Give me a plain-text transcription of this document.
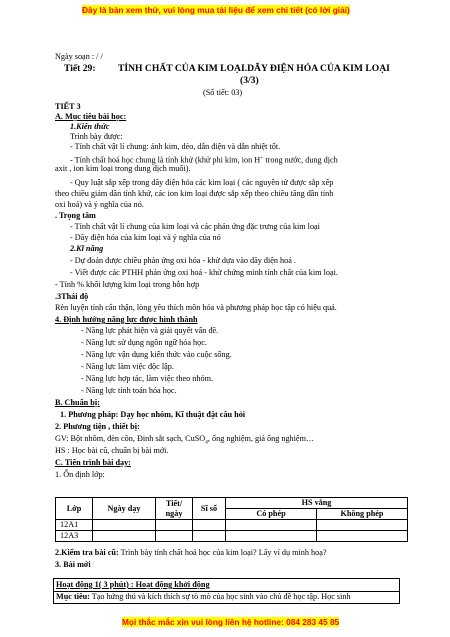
Đây là bản xem thử, vui lòng mua tài liệu để xem chi tiết (có lời giải)
Ngày soạn : / /
Tiết 29: TÍNH CHẤT CỦA KIM LOẠI.DÃY ĐIỆN HÓA CỦA KIM LOẠI
(3/3)
(Số tiết: 03)
TIẾT 3
A. Mục tiêu bài học:
1.Kiến thức
Trình bày được:
- Tính chất vật lí chung: ánh kim, dẻo, dẫn điện và dẫn nhiệt tốt.
- Tính chất hoá học chung là tính khử (khử phi kim, ion H+ trong nước, dung dịch
axit , ion kim loại trong dung dịch muối).
- Quy luật sắp xếp trong dãy điện hóa các kim loại ( các nguyên tử được sắp xếp
theo chiều giảm dần tính khử, các ion kim loại được sắp xếp theo chiều tăng dần tính
oxi hoá) và ý nghĩa của nó.
. Trọng tâm
- Tính chất vật lí chung của kim loại và các phản ứng đặc trưng của kim loại
- Dãy điện hóa của kim loại và ý nghĩa của nó
2.Kĩ năng
- Dự đoán được chiều phản ứng oxi hóa - khử dựa vào dãy điện hoá .
- Viết được các PTHH phản ứng oxi hoá - khử chứng minh tính chất của kim loại.
- Tính % khối lượng kim loại trong hỗn hợp
.3Thái độ
Rèn luyện tính cẩn thận, lòng yêu thích môn hóa và phương pháp học tập có hiệu quả.
4. Định hướng năng lực được hình thành
- Năng lực phát hiện và giải quyết vấn đề.
- Năng lực sử dụng ngôn ngữ hóa học.
- Năng lực vận dụng kiến thức vào cuộc sống.
- Năng lực làm việc độc lập.
- Năng lực hợp tác, làm việc theo nhóm.
- Năng lực tính toán hóa học.
B. Chuẩn bị:
1. Phương pháp: Dạy học nhóm, Kĩ thuật đặt câu hỏi
2. Phương tiện , thiết bị:
GV: Bột nhôm, đèn cồn, Đinh sắt sạch, CuSO$_4$, ống nghiệm, giá ống nghiệm…
HS : Học bài cũ, chuẩn bị bài mới.
C. Tiến trình bài dạy:
1. Ổn định lớp:
Lớp	Ngày dạy	Tiết/
ngày	Sĩ số	HS vắng	
				Có phép	Không phép
12A1					
12A3					
2.Kiểm tra bài cũ: Trình bày tính chất hoá học của kim loại? Lấy ví dụ minh hoạ?
3. Bài mới
Hoạt động 1( 3 phút) : Hoạt động khởi động
Mục tiêu: Tạo hứng thú và kích thích sự tò mò của học sinh vào chủ đề học tập. Học sinh
Mọi thắc mắc xin vui lòng liên hệ hotline: 084 283 45 85
